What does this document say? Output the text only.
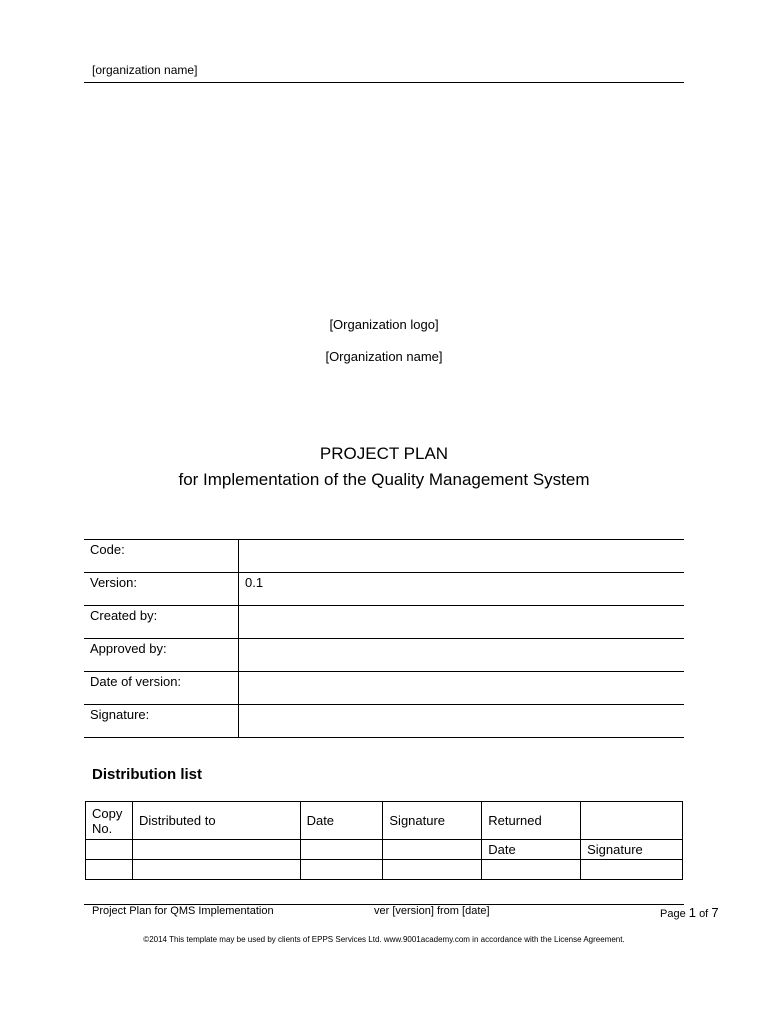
[organization name]
[Organization logo]
[Organization name]
PROJECT PLAN
for Implementation of the Quality Management System
Code:	
Version:	0.1
Created by:	
Approved by:	
Date of version:	
Signature:	
Distribution list
Copy No.	Distributed to	Date	Signature	Returned	
				Date	Signature

Project Plan for QMS Implementation	ver [version] from [date]	Page 1 of 7
©2014 This template may be used by clients of EPPS Services Ltd. www.9001academy.com in accordance with the License Agreement.
